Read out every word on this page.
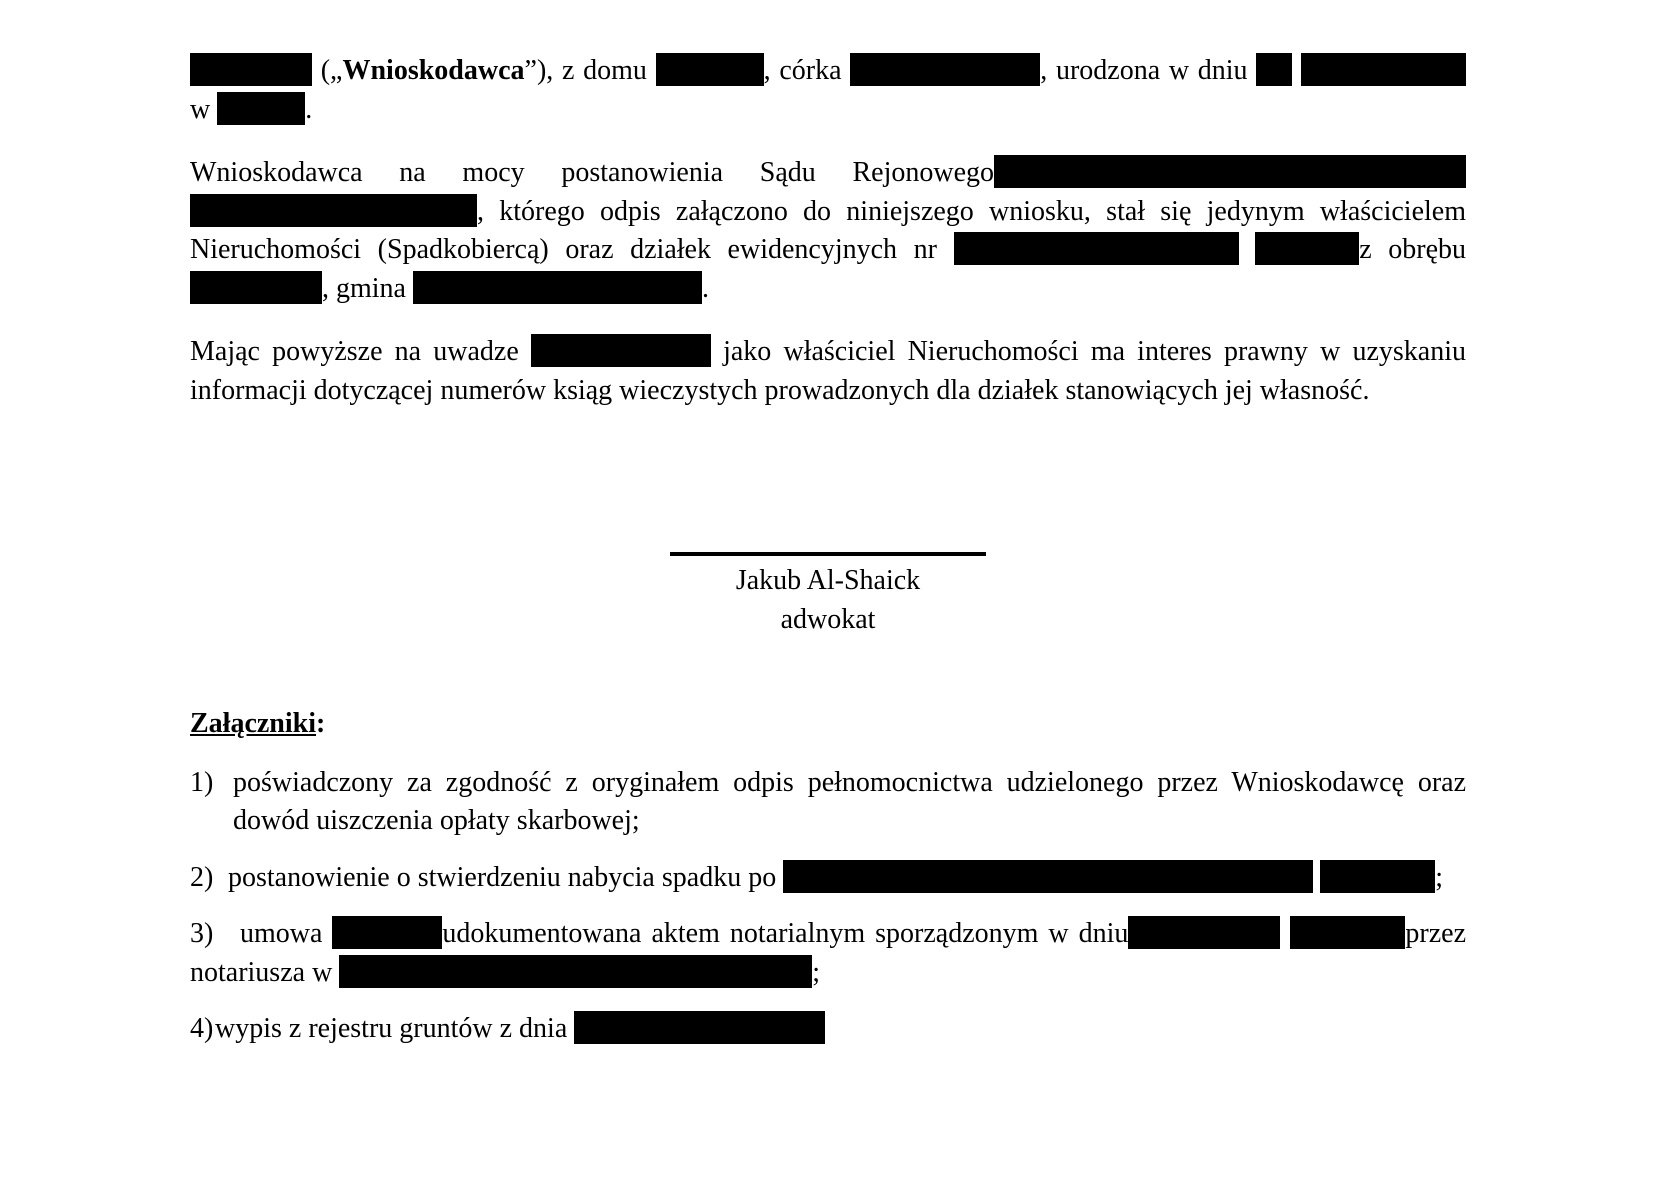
(„Wnioskodawca”), z domu	, córka	, urodzona w dniu   w	.

Wnioskodawca na mocy postanowienia Sądu Rejonowego , którego odpis załączono do niniejszego wniosku, stał się jedynym właścicielem Nieruchomości (Spadkobiercą) oraz działek ewidencyjnych nr	z obrębu , gmina	.

Mając powyższe na uwadze	jako właściciel Nieruchomości ma interes prawny w uzyskaniu informacji dotyczącej numerów ksiąg wieczystych prowadzonych dla działek stanowiących jej własność.

Jakub Al-Shaick
adwokat
Załączniki:
1) poświadczony za zgodność z oryginałem odpis pełnomocnictwa udzielonego przez Wnioskodawcę oraz dowód uiszczenia opłaty skarbowej;
2) postanowienie o stwierdzeniu nabycia spadku po	;
3) umowa	udokumentowana aktem notarialnym sporządzonym w dniu	przez notariusza w	;
4)wypis z rejestru gruntów z dnia
